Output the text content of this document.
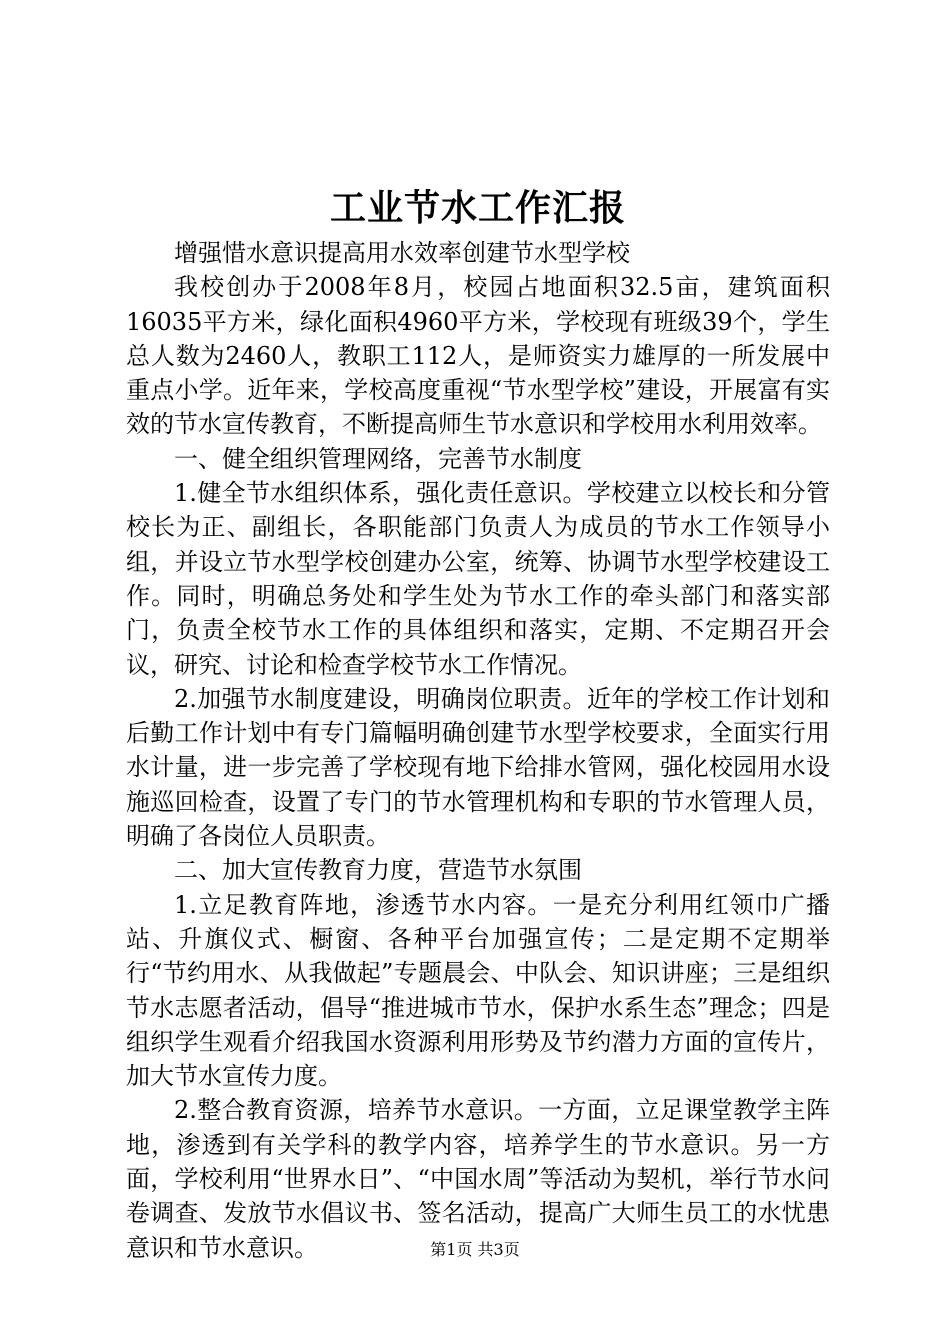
工业节水工作汇报

增强惜水意识提高用水效率创建节水型学校

我校创办于2008年8月，校园占地面积32.5亩，建筑面积16035平方米，绿化面积4960平方米，学校现有班级39个，学生总人数为2460人，教职工112人，是师资实力雄厚的一所发展中重点小学。近年来，学校高度重视“节水型学校”建设，开展富有实效的节水宣传教育，不断提高师生节水意识和学校用水利用效率。

一、健全组织管理网络，完善节水制度

1.健全节水组织体系，强化责任意识。学校建立以校长和分管校长为正、副组长，各职能部门负责人为成员的节水工作领导小组，并设立节水型学校创建办公室，统筹、协调节水型学校建设工作。同时，明确总务处和学生处为节水工作的牵头部门和落实部门，负责全校节水工作的具体组织和落实，定期、不定期召开会议，研究、讨论和检查学校节水工作情况。

2.加强节水制度建设，明确岗位职责。近年的学校工作计划和后勤工作计划中有专门篇幅明确创建节水型学校要求，全面实行用水计量，进一步完善了学校现有地下给排水管网，强化校园用水设施巡回检查，设置了专门的节水管理机构和专职的节水管理人员，明确了各岗位人员职责。

二、加大宣传教育力度，营造节水氛围

1.立足教育阵地，渗透节水内容。一是充分利用红领巾广播站、升旗仪式、橱窗、各种平台加强宣传；二是定期不定期举行“节约用水、从我做起”专题晨会、中队会、知识讲座；三是组织节水志愿者活动，倡导“推进城市节水，保护水系生态”理念；四是组织学生观看介绍我国水资源利用形势及节约潜力方面的宣传片，加大节水宣传力度。

2.整合教育资源，培养节水意识。一方面，立足课堂教学主阵地，渗透到有关学科的教学内容，培养学生的节水意识。另一方面，学校利用“世界水日”、“中国水周”等活动为契机，举行节水问卷调查、发放节水倡议书、签名活动，提高广大师生员工的水忧患意识和节水意识。	第1页 共3页
